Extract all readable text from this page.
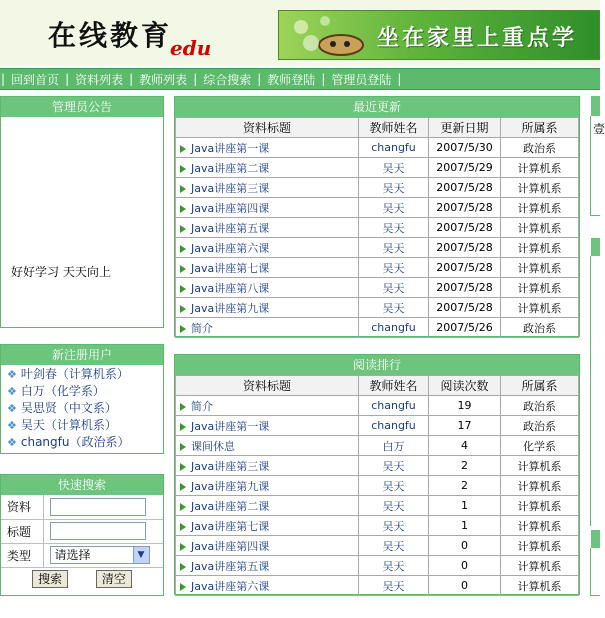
在线教育
edu	坐在家里上重点学
| 回到首页 | 资料列表 | 教师列表 | 综合搜索 | 教师登陆 | 管理员登陆 |
管理员公告
好好学习 天天向上
新注册用户
❖ 叶剑春（计算机系）
❖ 白万（化学系）
❖ 吴思贤（中文系）
❖ 吴天（计算机系）
❖ changfu（政治系）
快速搜索
资料	
标题	
类型	请选择 ▼
搜索	清空
最近更新
资料标题	教师姓名	更新日期	所属系
Java讲座第一课	changfu	2007/5/30	政治系
Java讲座第二课	吴天	2007/5/29	计算机系
Java讲座第三课	吴天	2007/5/28	计算机系
Java讲座第四课	吴天	2007/5/28	计算机系
Java讲座第五课	吴天	2007/5/28	计算机系
Java讲座第六课	吴天	2007/5/28	计算机系
Java讲座第七课	吴天	2007/5/28	计算机系
Java讲座第八课	吴天	2007/5/28	计算机系
Java讲座第九课	吴天	2007/5/28	计算机系
简介	changfu	2007/5/26	政治系
阅读排行
资料标题	教师姓名	阅读次数	所属系
简介	changfu	19	政治系
Java讲座第一课	changfu	17	政治系
课间休息	白万	4	化学系
Java讲座第三课	吴天	2	计算机系
Java讲座第九课	吴天	2	计算机系
Java讲座第二课	吴天	1	计算机系
Java讲座第七课	吴天	1	计算机系
Java讲座第四课	吴天	0	计算机系
Java讲座第五课	吴天	0	计算机系
Java讲座第六课	吴天	0	计算机系
壹
